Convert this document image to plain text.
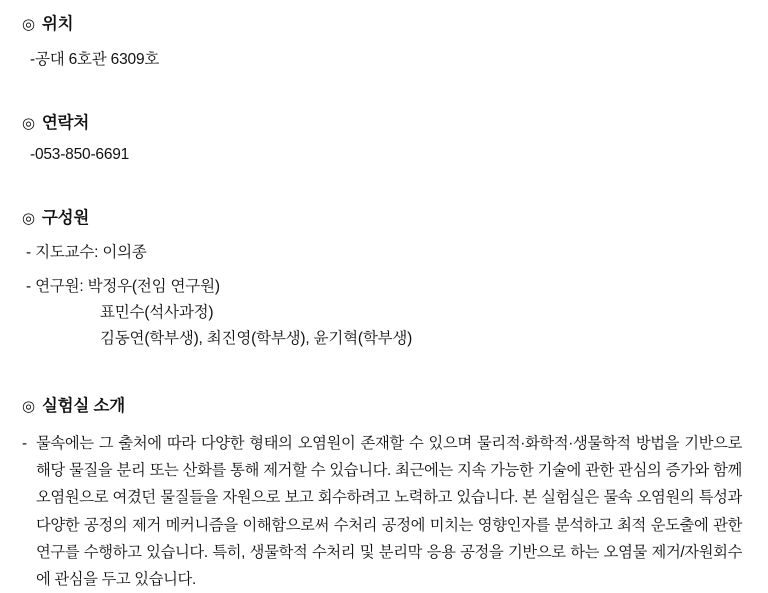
◎ 위치
-공대 6호관 6309호
◎ 연락처
-053-850-6691
◎ 구성원
- 지도교수: 이의종
- 연구원: 박정우(전임 연구원)
표민수(석사과정)
김동연(학부생), 최진영(학부생), 윤기혁(학부생)
◎ 실험실 소개

- 물속에는 그 출처에 따라 다양한 형태의 오염원이 존재할 수 있으며 물리적·화학적·생물학적 방법을 기반으로 해당 물질을 분리 또는 산화를 통해 제거할 수 있습니다. 최근에는 지속 가능한 기술에 관한 관심의 증가와 함께 오염원으로 여겼던 물질들을 자원으로 보고 회수하려고 노력하고 있습니다. 본 실험실은 물속 오염원의 특성과 다양한 공정의 제거 메커니즘을 이해함으로써 수처리 공정에 미치는 영향인자를 분석하고 최적 운도출에 관한 연구를 수행하고 있습니다. 특히, 생물학적 수처리 및 분리막 응용 공정을 기반으로 하는 오염물 제거/자원회수에 관심을 두고 있습니다.
